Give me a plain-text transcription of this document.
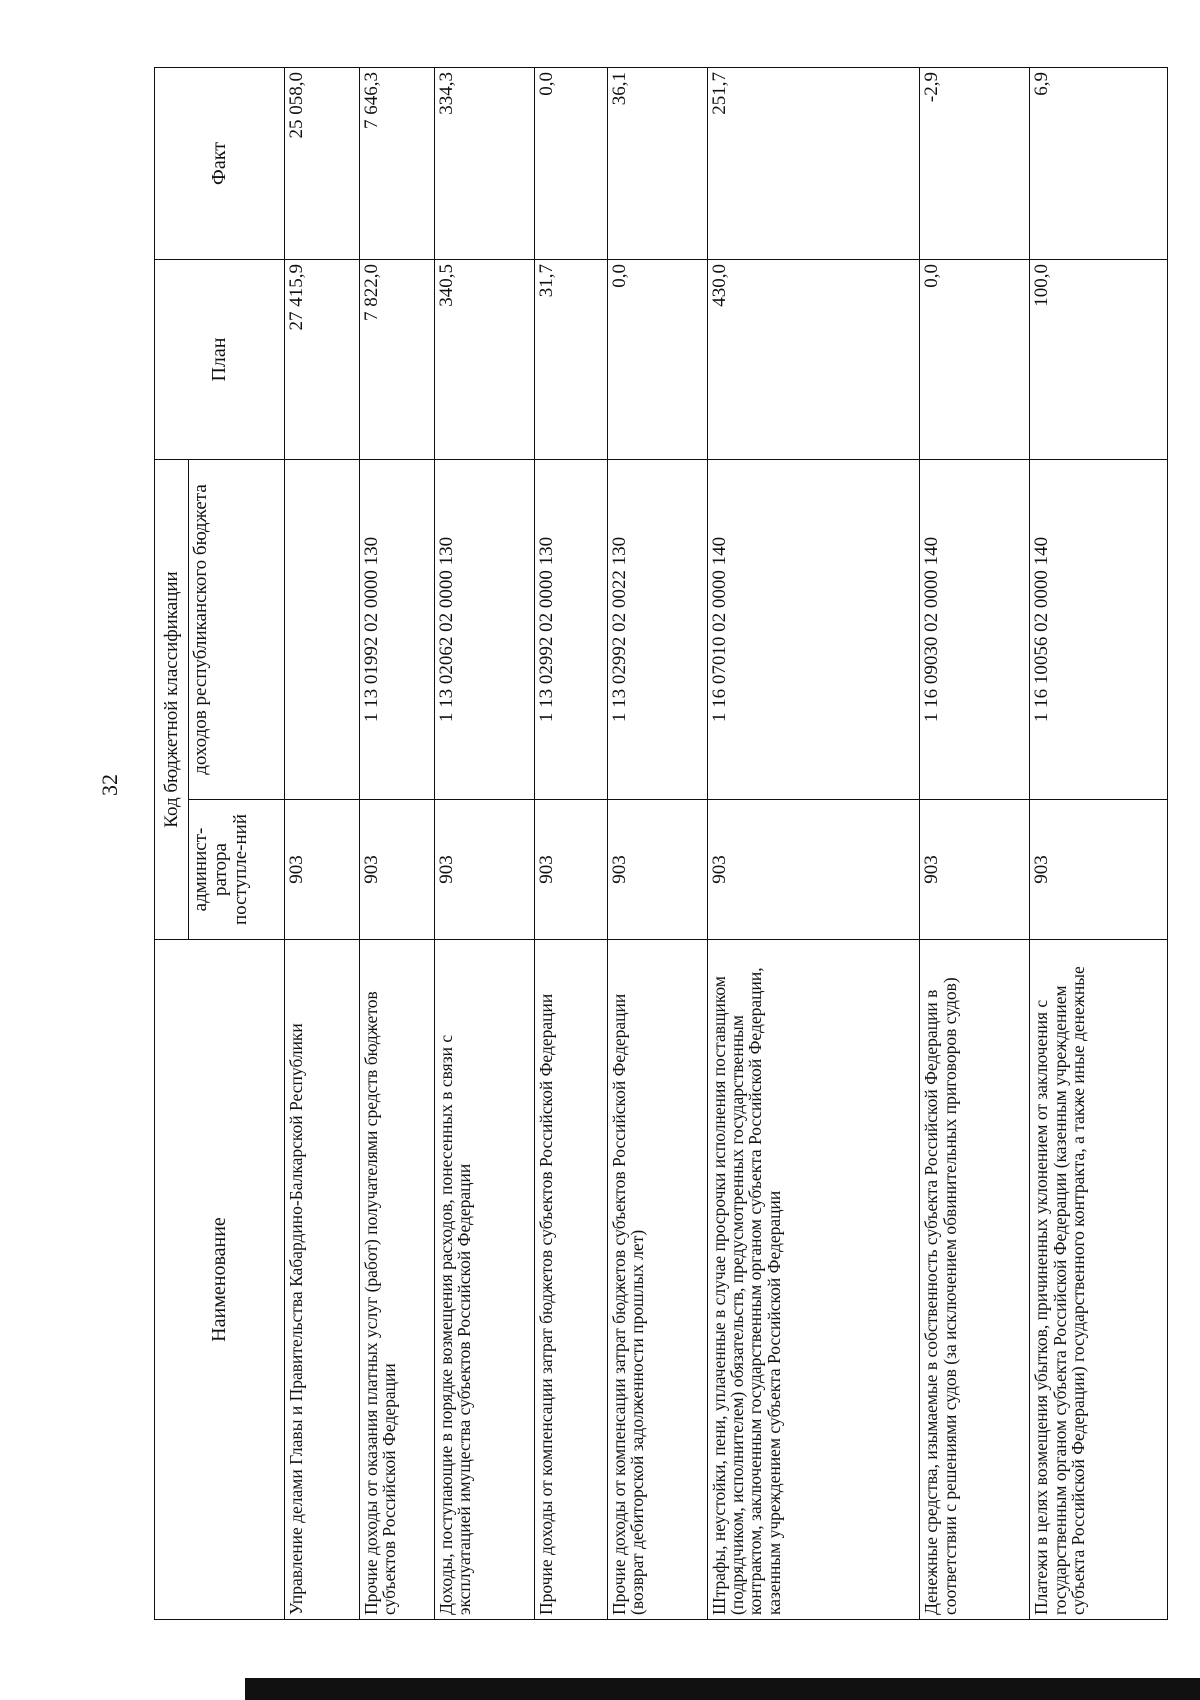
32
Наименование	Код бюджетной классификации		План	Факт
	админист-ратора поступле-ний	доходов республиканского бюджета		
Управление делами Главы и Правительства Кабардино-Балкарской Республики	903		27 415,9	25 058,0
Прочие доходы от оказания платных услуг (работ) получателями средств бюджетов субъектов Российской Федерации	903	1 13 01992 02 0000 130	7 822,0	7 646,3
Доходы, поступающие в порядке возмещения расходов, понесенных в связи с эксплуатацией имущества субъектов Российской Федерации	903	1 13 02062 02 0000 130	340,5	334,3
Прочие доходы от компенсации затрат бюджетов субъектов Российской Федерации	903	1 13 02992 02 0000 130	31,7	0,0
Прочие доходы от компенсации затрат бюджетов субъектов Российской Федерации (возврат дебиторской задолженности прошлых лет)	903	1 13 02992 02 0022 130	0,0	36,1
Штрафы, неустойки, пени, уплаченные в случае просрочки исполнения поставщиком (подрядчиком, исполнителем) обязательств, предусмотренных государственным контрактом, заключенным государственным органом субъекта Российской Федерации, казенным учреждением субъекта Российской Федерации	903	1 16 07010 02 0000 140	430,0	251,7
Денежные средства, изымаемые в собственность субъекта Российской Федерации в соответствии с решениями судов (за исключением обвинительных приговоров судов)	903	1 16 09030 02 0000 140	0,0	-2,9
Платежи в целях возмещения убытков, причиненных уклонением от заключения с государственным органом субъекта Российской Федерации (казенным учреждением субъекта Российской Федерации) государственного контракта, а также иные денежные	903	1 16 10056 02 0000 140	100,0	6,9
